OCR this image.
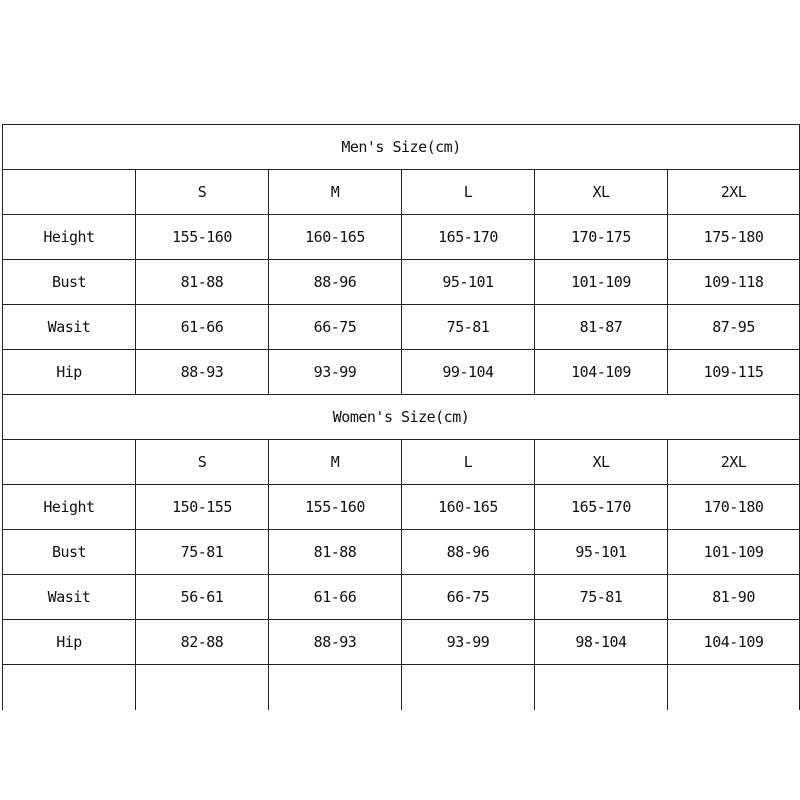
Men's Size(cm)					
	S	M	L	XL	2XL
Height	155-160	160-165	165-170	170-175	175-180
Bust	81-88	88-96	95-101	101-109	109-118
Wasit	61-66	66-75	75-81	81-87	87-95
Hip	88-93	93-99	99-104	104-109	109-115
Women's Size(cm)					
	S	M	L	XL	2XL
Height	150-155	155-160	160-165	165-170	170-180
Bust	75-81	81-88	88-96	95-101	101-109
Wasit	56-61	61-66	66-75	75-81	81-90
Hip	82-88	88-93	93-99	98-104	104-109
